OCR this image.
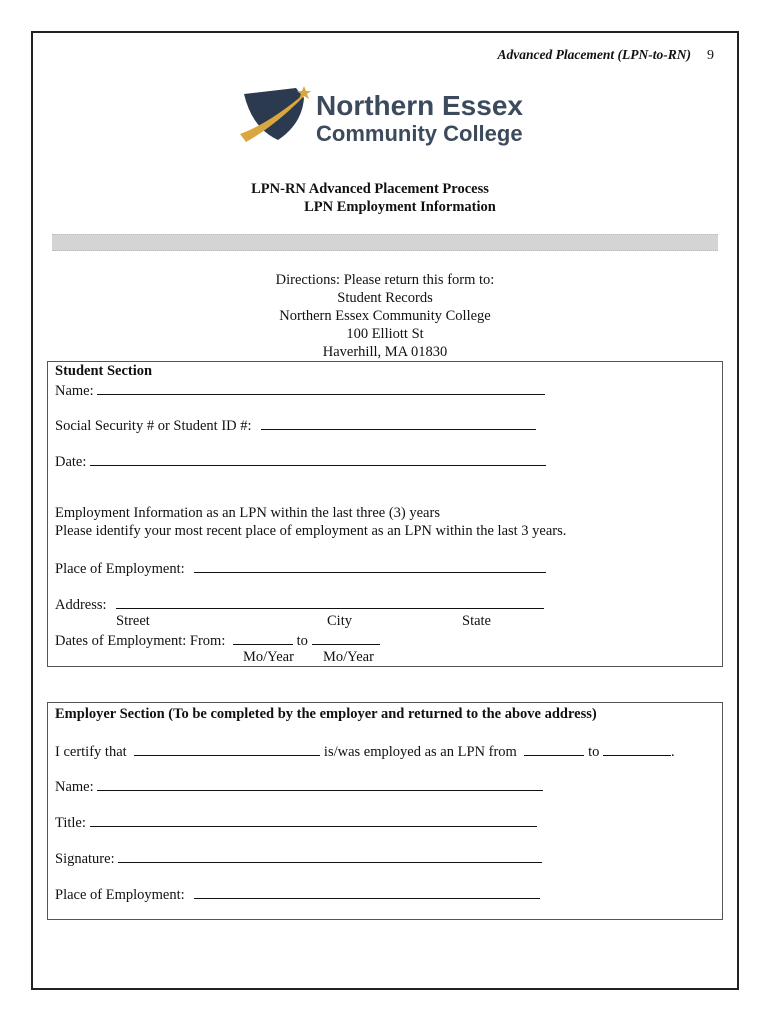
Advanced Placement (LPN-to-RN) 9
Northern Essex
Community College
LPN-RN Advanced Placement Process
LPN Employment Information
Directions: Please return this form to:
Student Records
Northern Essex Community College
100 Elliott St
Haverhill, MA 01830
Student Section
Name:
Social Security # or Student ID #:
Date:
Employment Information as an LPN within the last three (3) years
Please identify your most recent place of employment as an LPN within the last 3 years.
Place of Employment:
Address:
Street	City	State
Dates of Employment: From:	to
Mo/Year Mo/Year
Employer Section (To be completed by the employer and returned to the above address)
I certify that	is/was employed as an LPN from	to	.
Name:
Title:
Signature:
Place of Employment:
